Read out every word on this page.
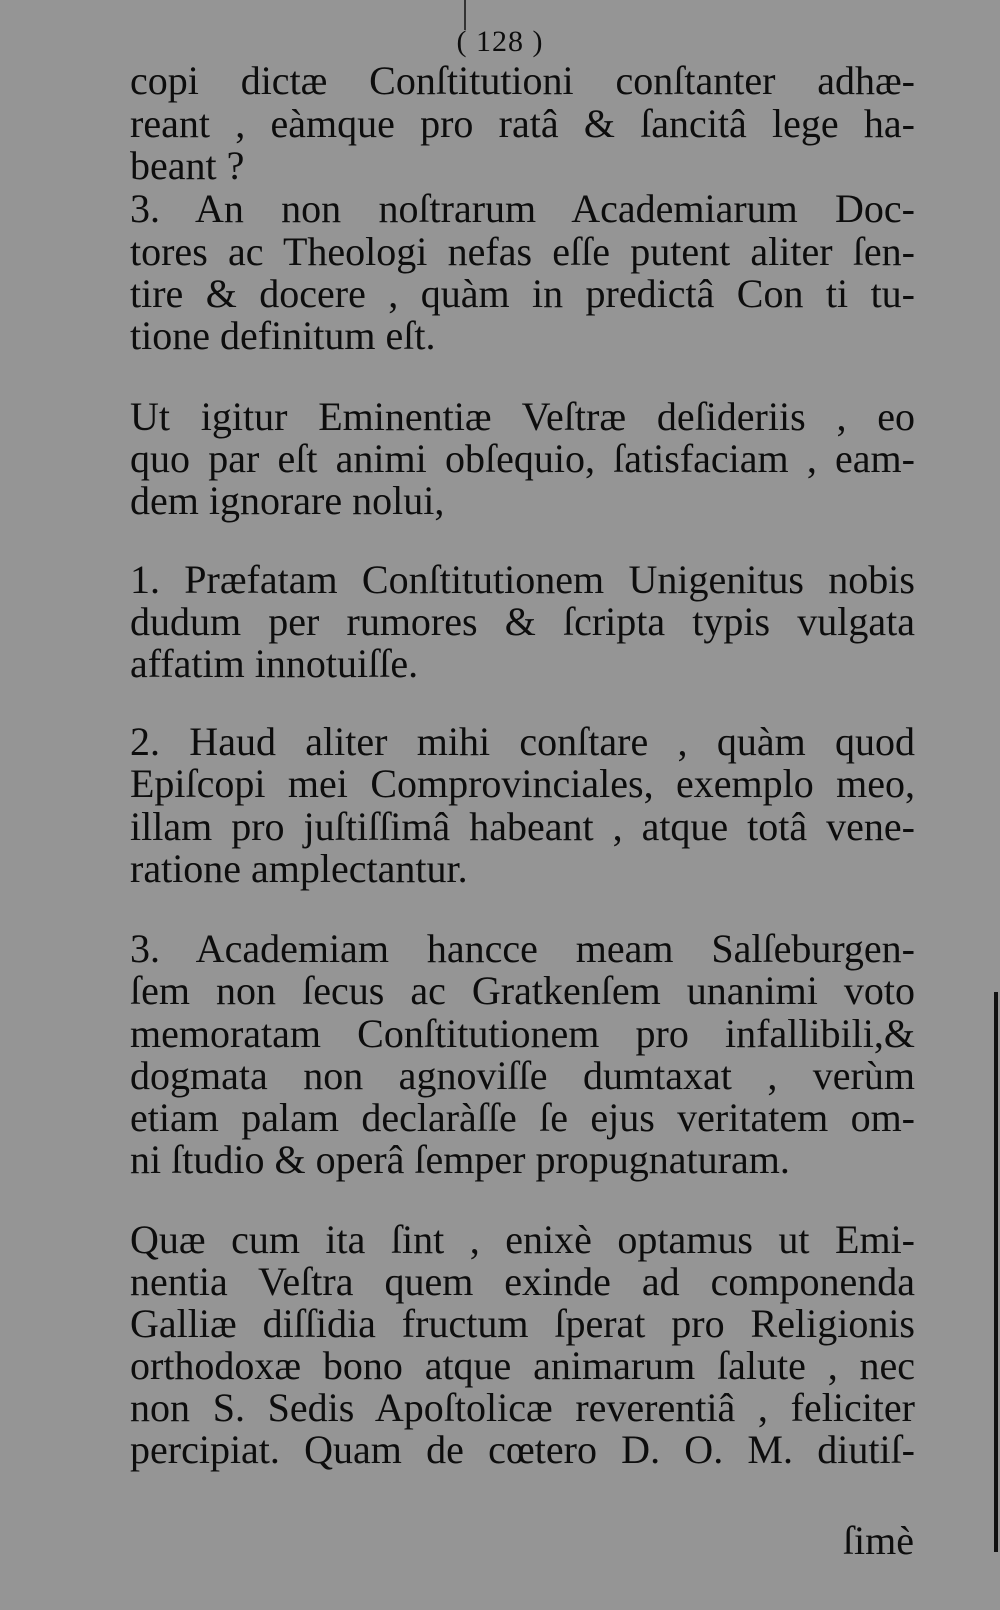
( 128 )
copi dictæ Conſtitutioni conſtanter adhæ-
reant , eàmque pro ratâ & ſancitâ lege ha-
beant ?
3. An non noſtrarum Academiarum Doc-
tores ac Theologi nefas eſſe putent aliter ſen-
tire & docere , quàm in predictâ Con ti tu-
tione definitum eſt.
Ut igitur Eminentiæ Veſtræ deſideriis , eo
quo par eſt animi obſequio, ſatisfaciam , eam-
dem ignorare nolui,
1. Præfatam Conſtitutionem Unigenitus nobis
dudum per rumores & ſcripta typis vulgata
affatim innotuiſſe.
2. Haud aliter mihi conſtare , quàm quod
Epiſcopi mei Comprovinciales, exemplo meo,
illam pro juſtiſſimâ habeant , atque totâ vene-
ratione amplectantur.
3. Academiam hancce meam Salſeburgen-
ſem non ſecus ac Gratkenſem unanimi voto
memoratam Conſtitutionem pro infallibili,&
dogmata non agnoviſſe dumtaxat , verùm
etiam palam declaràſſe ſe ejus veritatem om-
ni ſtudio & operâ ſemper propugnaturam.
Quæ cum ita ſint , enixè optamus ut Emi-
nentia Veſtra quem exinde ad componenda
Galliæ diſſidia fructum ſperat pro Religionis
orthodoxæ bono atque animarum ſalute , nec
non S. Sedis Apoſtolicæ reverentiâ , feliciter
percipiat. Quam de cœtero D. O. M. diutiſ-
ſimè
